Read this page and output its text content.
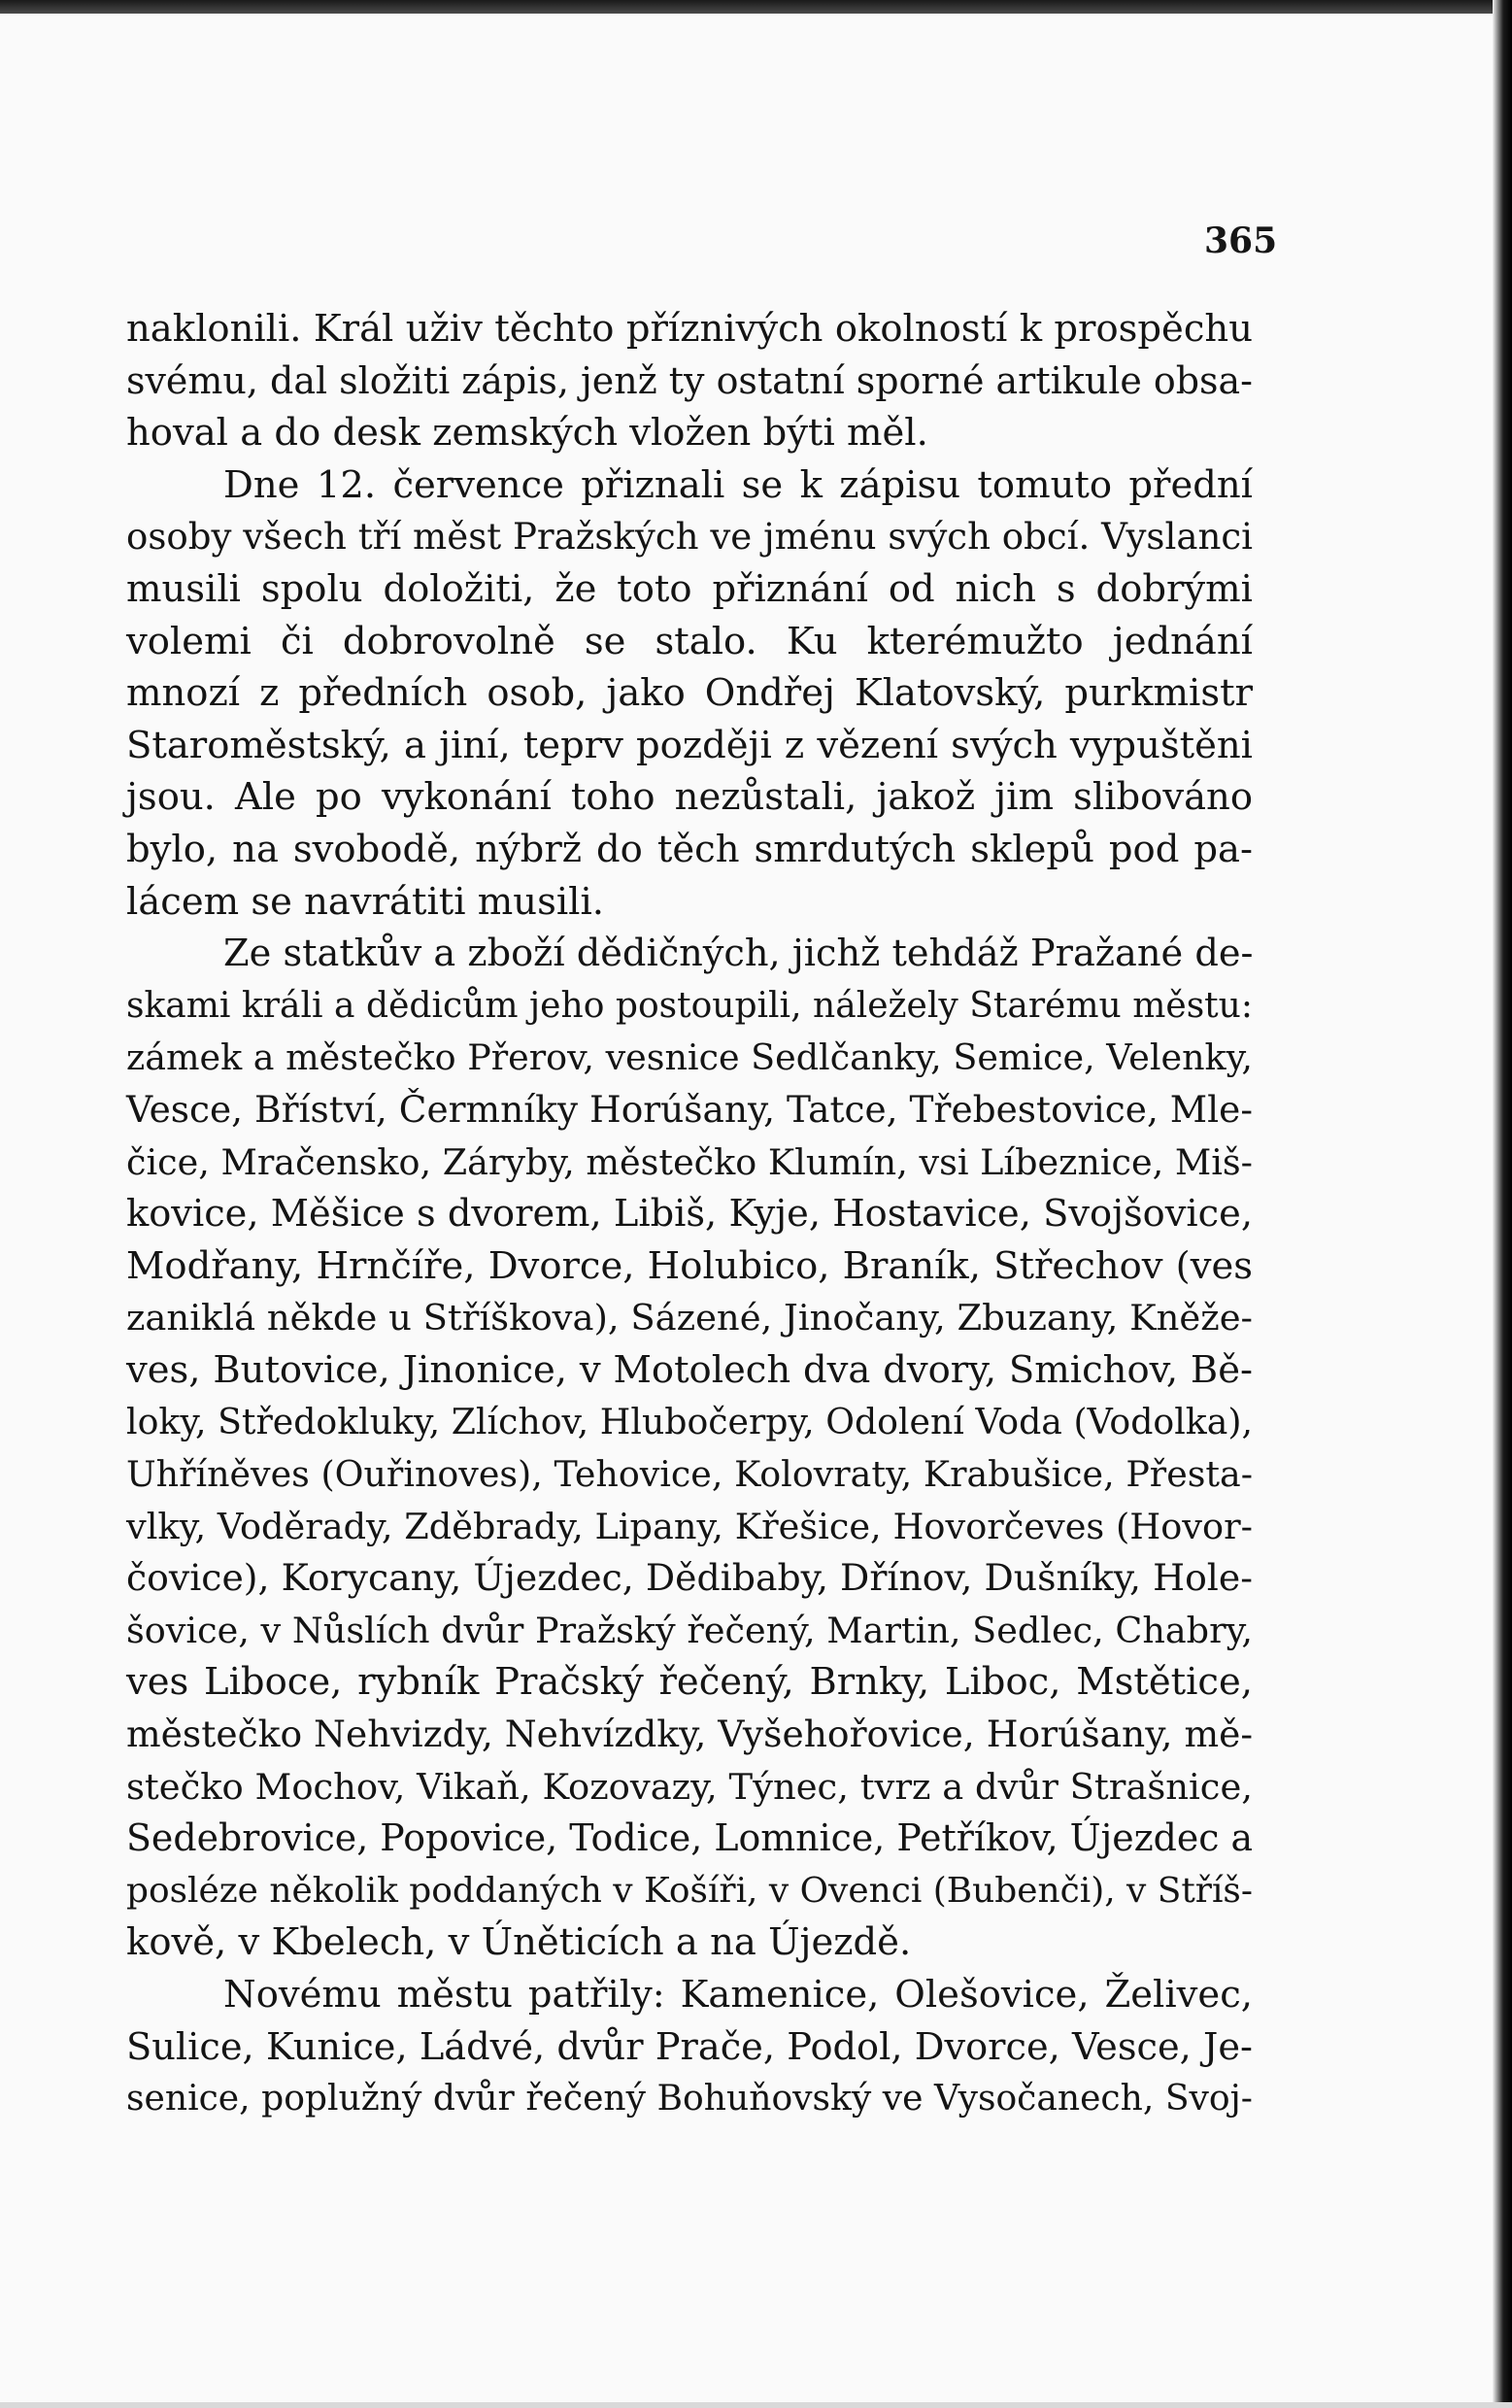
365
naklonili. Král uživ těchto příznivých okolností k prospěchu
svému, dal složiti zápis, jenž ty ostatní sporné artikule obsa-
hoval a do desk zemských vložen býti měl.
Dne 12. července přiznali se k zápisu tomuto přední
osoby všech tří měst Pražských ve jménu svých obcí. Vyslanci
musili spolu doložiti, že toto přiznání od nich s dobrými
volemi či dobrovolně se stalo. Ku kterémužto jednání
mnozí z předních osob, jako Ondřej Klatovský, purkmistr
Staroměstský, a jiní, teprv později z vězení svých vypuštěni
jsou. Ale po vykonání toho nezůstali, jakož jim slibováno
bylo, na svobodě, nýbrž do těch smrdutých sklepů pod pa-
lácem se navrátiti musili.
Ze statkův a zboží dědičných, jichž tehdáž Pražané de-
skami králi a dědicům jeho postoupili, náležely Starému městu:
zámek a městečko Přerov, vesnice Sedlčanky, Semice, Velenky,
Vesce, Bříství, Čermníky Horúšany, Tatce, Třebestovice, Mle-
čice, Mračensko, Záryby, městečko Klumín, vsi Líbeznice, Miš-
kovice, Měšice s dvorem, Libiš, Kyje, Hostavice, Svojšovice,
Modřany, Hrnčíře, Dvorce, Holubico, Braník, Střechov (ves
zaniklá někde u Stříškova), Sázené, Jinočany, Zbuzany, Kněže-
ves, Butovice, Jinonice, v Motolech dva dvory, Smichov, Bě-
loky, Středokluky, Zlíchov, Hlubočerpy, Odolení Voda (Vodolka),
Uhříněves (Ouřinoves), Tehovice, Kolovraty, Krabušice, Přesta-
vlky, Voděrady, Zděbrady, Lipany, Křešice, Hovorčeves (Hovor-
čovice), Korycany, Újezdec, Dědibaby, Dřínov, Dušníky, Hole-
šovice, v Nůslích dvůr Pražský řečený, Martin, Sedlec, Chabry,
ves Liboce, rybník Pračský řečený, Brnky, Liboc, Mstětice,
městečko Nehvizdy, Nehvízdky, Vyšehořovice, Horúšany, mě-
stečko Mochov, Vikaň, Kozovazy, Týnec, tvrz a dvůr Strašnice,
Sedebrovice, Popovice, Todice, Lomnice, Petříkov, Újezdec a
posléze několik poddaných v Košíři, v Ovenci (Bubenči), v Stříš-
kově, v Kbelech, v Úněticích a na Újezdě.
Novému městu patřily: Kamenice, Olešovice, Želivec,
Sulice, Kunice, Ládvé, dvůr Prače, Podol, Dvorce, Vesce, Je-
senice, poplužný dvůr řečený Bohuňovský ve Vysočanech, Svoj-
